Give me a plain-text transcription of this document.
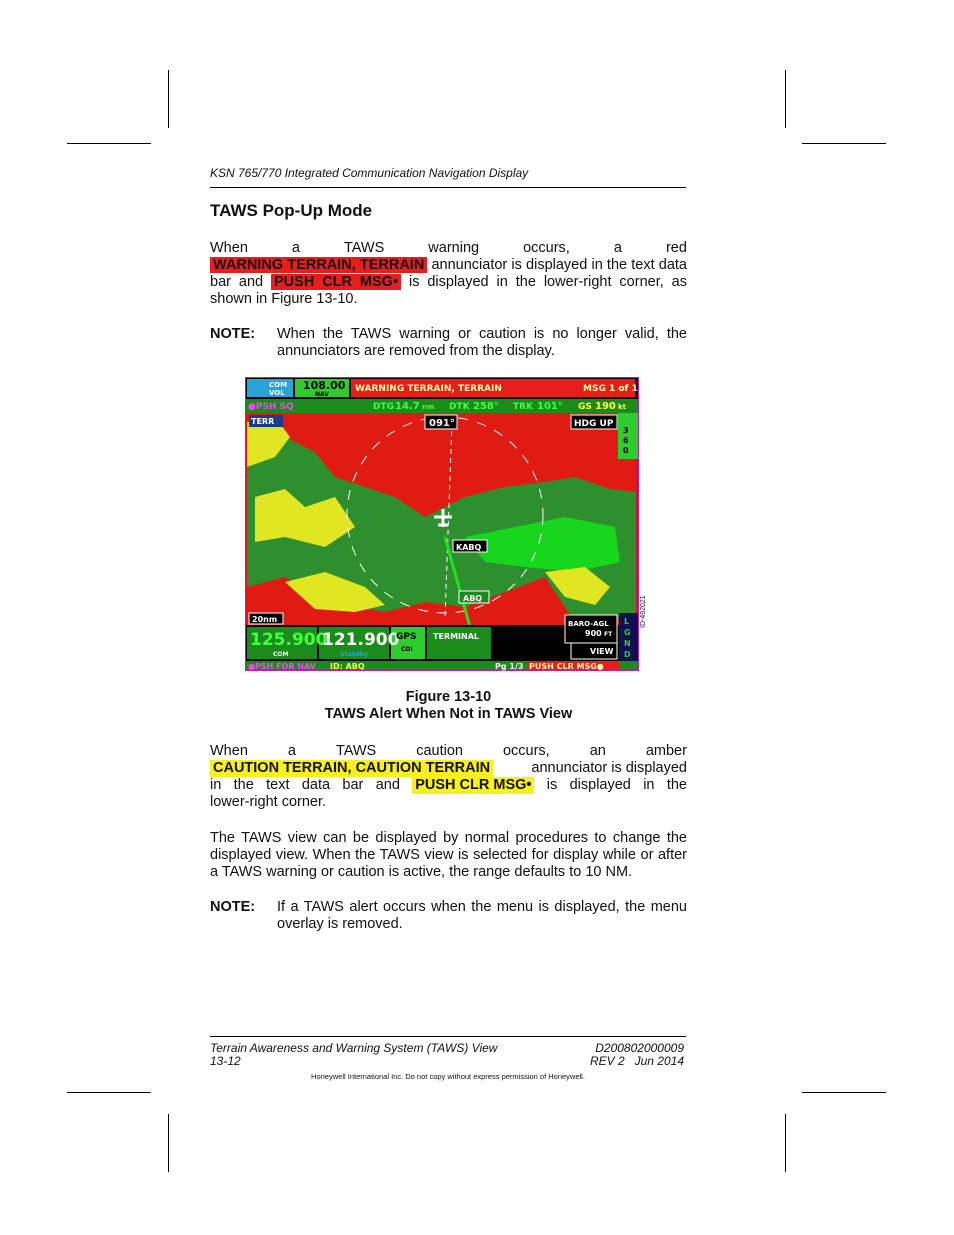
KSN 765/770 Integrated Communication Navigation Display
TAWS Pop-Up Mode
When	a	TAWS	warning	occurs,	a	red
WARNING TERRAIN, TERRAIN annunciator is displayed in the text data bar and PUSH CLR MSG• is displayed in the lower-right corner, as shown in Figure 13-10.
NOTE: When the TAWS warning or caution is no longer valid, the annunciators are removed from the display.
COM
VOL
108.00
NAV
WARNING TERRAIN, TERRAIN	MSG 1 of 1
●PSH SQ	DTG 14.7 nm DTK 258° TRK 101° GS 190 kt
TERR	091°	HDG UP
3
6
0
KABQ
ABQ
20nm	BARO-AGL
900 FT
L
G
N
D
125.900
COM
121.900
Standby
GPS
CDI
TERMINAL
VIEW
●PSH FOR NAV ID: ABQ	Pg 1/3 PUSH CLR MSG●
ID-492021
Figure 13-10
TAWS Alert When Not in TAWS View
When	a	TAWS	caution	occurs,	an	amber
CAUTION TERRAIN, CAUTION TERRAIN	annunciator is displayed
in the text data bar and PUSH CLR MSG• is displayed in the
lower-right corner.
The TAWS view can be displayed by normal procedures to change the displayed view. When the TAWS view is selected for display while or after a TAWS warning or caution is active, the range defaults to 10 NM.
NOTE: If a TAWS alert occurs when the menu is displayed, the menu overlay is removed.
Terrain Awareness and Warning System (TAWS) View
13-12
D200802000009
REV 2   Jun 2014
Honeywell International Inc. Do not copy without express permission of Honeywell.
